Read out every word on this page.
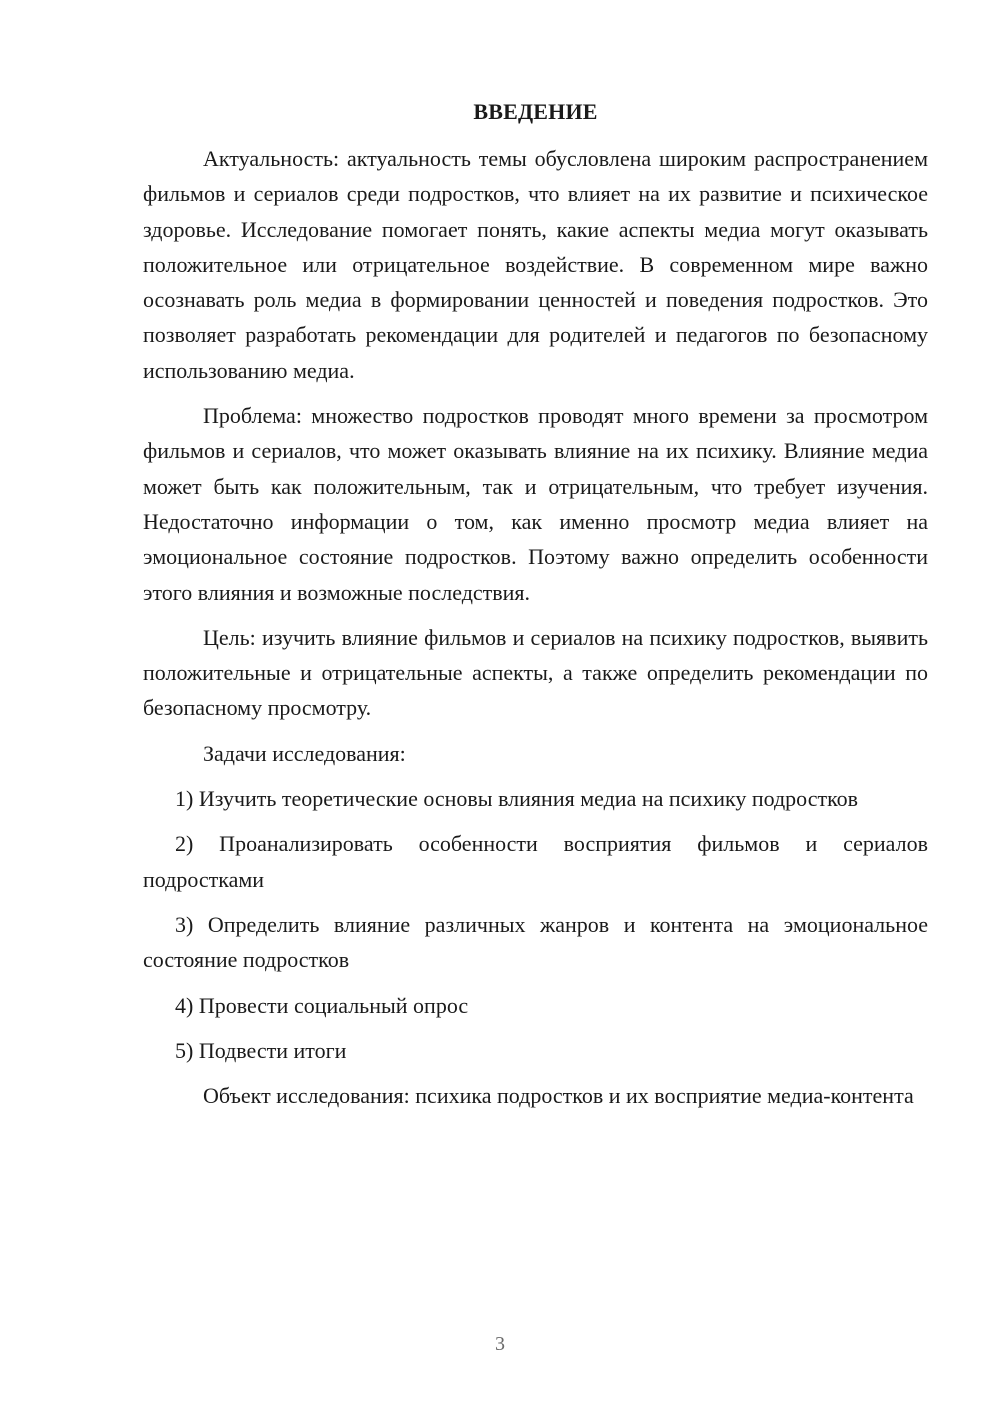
ВВЕДЕНИЕ

Актуальность: актуальность темы обусловлена широким распространением фильмов и сериалов среди подростков, что влияет на их развитие и психическое здоровье. Исследование помогает понять, какие аспекты медиа могут оказывать положительное или отрицательное воздействие. В современном мире важно осознавать роль медиа в формировании ценностей и поведения подростков. Это позволяет разработать рекомендации для родителей и педагогов по безопасному использованию медиа.

Проблема: множество подростков проводят много времени за просмотром фильмов и сериалов, что может оказывать влияние на их психику. Влияние медиа может быть как положительным, так и отрицательным, что требует изучения. Недостаточно информации о том, как именно просмотр медиа влияет на эмоциональное состояние подростков. Поэтому важно определить особенности этого влияния и возможные последствия.

Цель: изучить влияние фильмов и сериалов на психику подростков, выявить положительные и отрицательные аспекты, а также определить рекомендации по безопасному просмотру.

Задачи исследования:

1) Изучить теоретические основы влияния медиа на психику подростков

2) Проанализировать особенности восприятия фильмов и сериалов подростками

3) Определить влияние различных жанров и контента на эмоциональное состояние подростков

4) Провести социальный опрос

5) Подвести итоги

Объект исследования: психика подростков и их восприятие медиа-контента

3
